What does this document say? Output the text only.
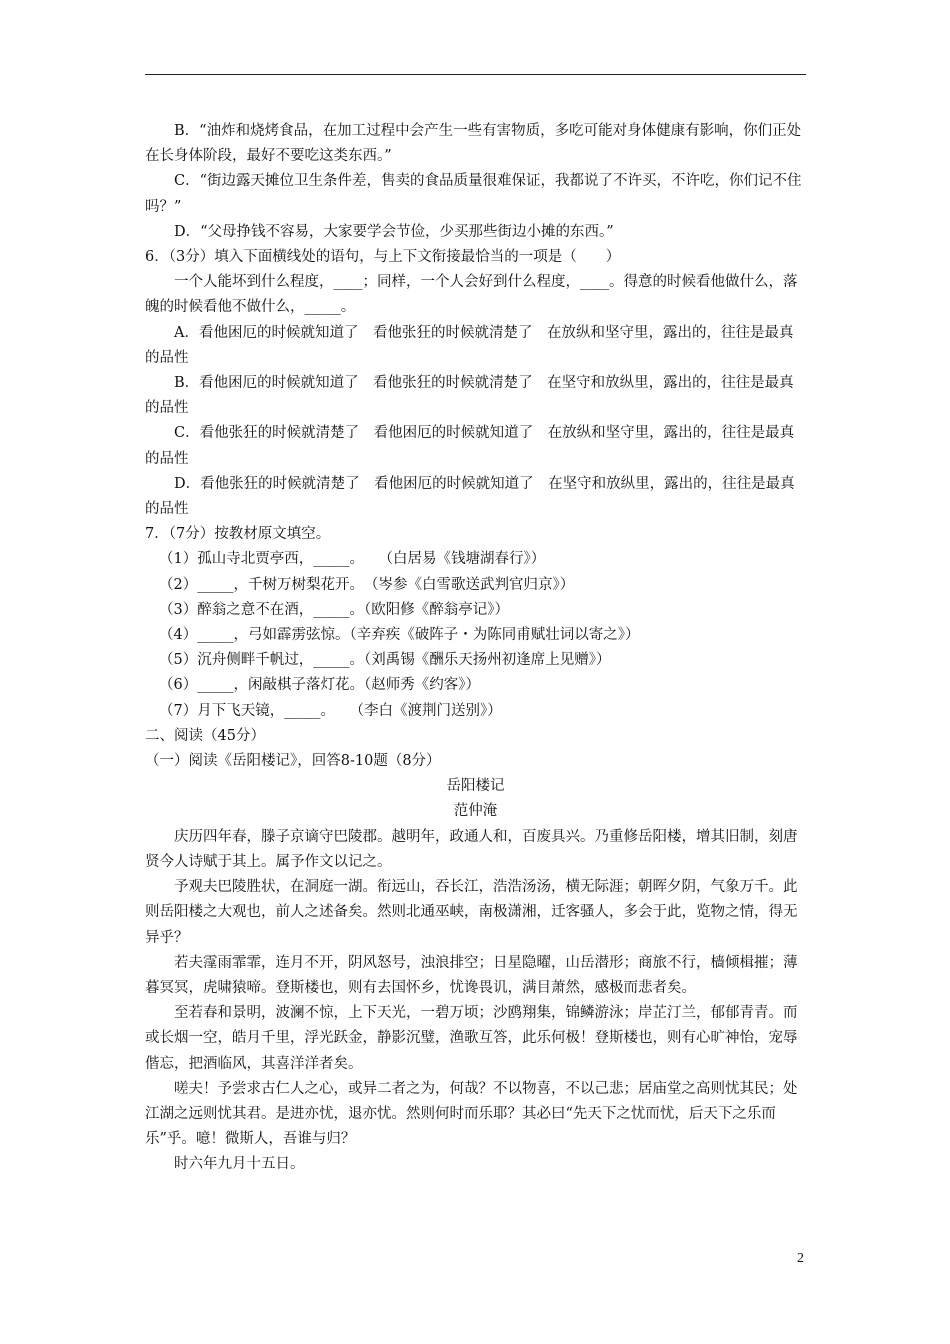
B．“油炸和烧烤食品，在加工过程中会产生一些有害物质，多吃可能对身体健康有影响，你们正处在长身体阶段，最好不要吃这类东西。”

C．“街边露天摊位卫生条件差，售卖的食品质量很难保证，我都说了不许买，不许吃，你们记不住吗？”

D．“父母挣钱不容易，大家要学会节俭，少买那些街边小摊的东西。”

6．（3分）填入下面横线处的语句，与上下文衔接最恰当的一项是（　　）

一个人能坏到什么程度，____；同样，一个人会好到什么程度，____。得意的时候看他做什么，落魄的时候看他不做什么，_____。

A．看他困厄的时候就知道了　看他张狂的时候就清楚了　在放纵和坚守里，露出的，往往是最真的品性

B．看他困厄的时候就知道了　看他张狂的时候就清楚了　在坚守和放纵里，露出的，往往是最真的品性

C．看他张狂的时候就清楚了　看他困厄的时候就知道了　在放纵和坚守里，露出的，往往是最真的品性

D．看他张狂的时候就清楚了　看他困厄的时候就知道了　在坚守和放纵里，露出的，往往是最真的品性

7．（7分）按教材原文填空。

（1）孤山寺北贾亭西，_____。　　（白居易《钱塘湖春行》）

（2）_____，千树万树梨花开。　（岑参《白雪歌送武判官归京》）

（3）醉翁之意不在酒，_____。（欧阳修《醉翁亭记》）

（4）_____，弓如霹雳弦惊。（辛弃疾《破阵子・为陈同甫赋壮词以寄之》）

（5）沉舟侧畔千帆过，_____。（刘禹锡《酬乐天扬州初逢席上见赠》）

（6）_____，闲敲棋子落灯花。（赵师秀《约客》）

（7）月下飞天镜，_____。　　（李白《渡荆门送别》）

二、阅读（45分）

（一）阅读《岳阳楼记》，回答8-10题（8分）

岳阳楼记

范仲淹

庆历四年春，滕子京谪守巴陵郡。越明年，政通人和，百废具兴。乃重修岳阳楼，增其旧制，刻唐贤今人诗赋于其上。属予作文以记之。

予观夫巴陵胜状，在洞庭一湖。衔远山，吞长江，浩浩汤汤，横无际涯；朝晖夕阴，气象万千。此则岳阳楼之大观也，前人之述备矣。然则北通巫峡，南极潇湘，迁客骚人，多会于此，览物之情，得无异乎？

若夫霪雨霏霏，连月不开，阴风怒号，浊浪排空；日星隐曜，山岳潜形；商旅不行，樯倾楫摧；薄暮冥冥，虎啸猿啼。登斯楼也，则有去国怀乡，忧谗畏讥，满目萧然，感极而悲者矣。

至若春和景明，波澜不惊，上下天光，一碧万顷；沙鸥翔集，锦鳞游泳；岸芷汀兰，郁郁青青。而或长烟一空，皓月千里，浮光跃金，静影沉璧，渔歌互答，此乐何极！登斯楼也，则有心旷神怡，宠辱偕忘，把酒临风，其喜洋洋者矣。

嗟夫！予尝求古仁人之心，或异二者之为，何哉？不以物喜，不以己悲；居庙堂之高则忧其民；处江湖之远则忧其君。是进亦忧，退亦忧。然则何时而乐耶？其必曰“先天下之忧而忧，后天下之乐而乐”乎。噫！微斯人，吾谁与归？

时六年九月十五日。

2
